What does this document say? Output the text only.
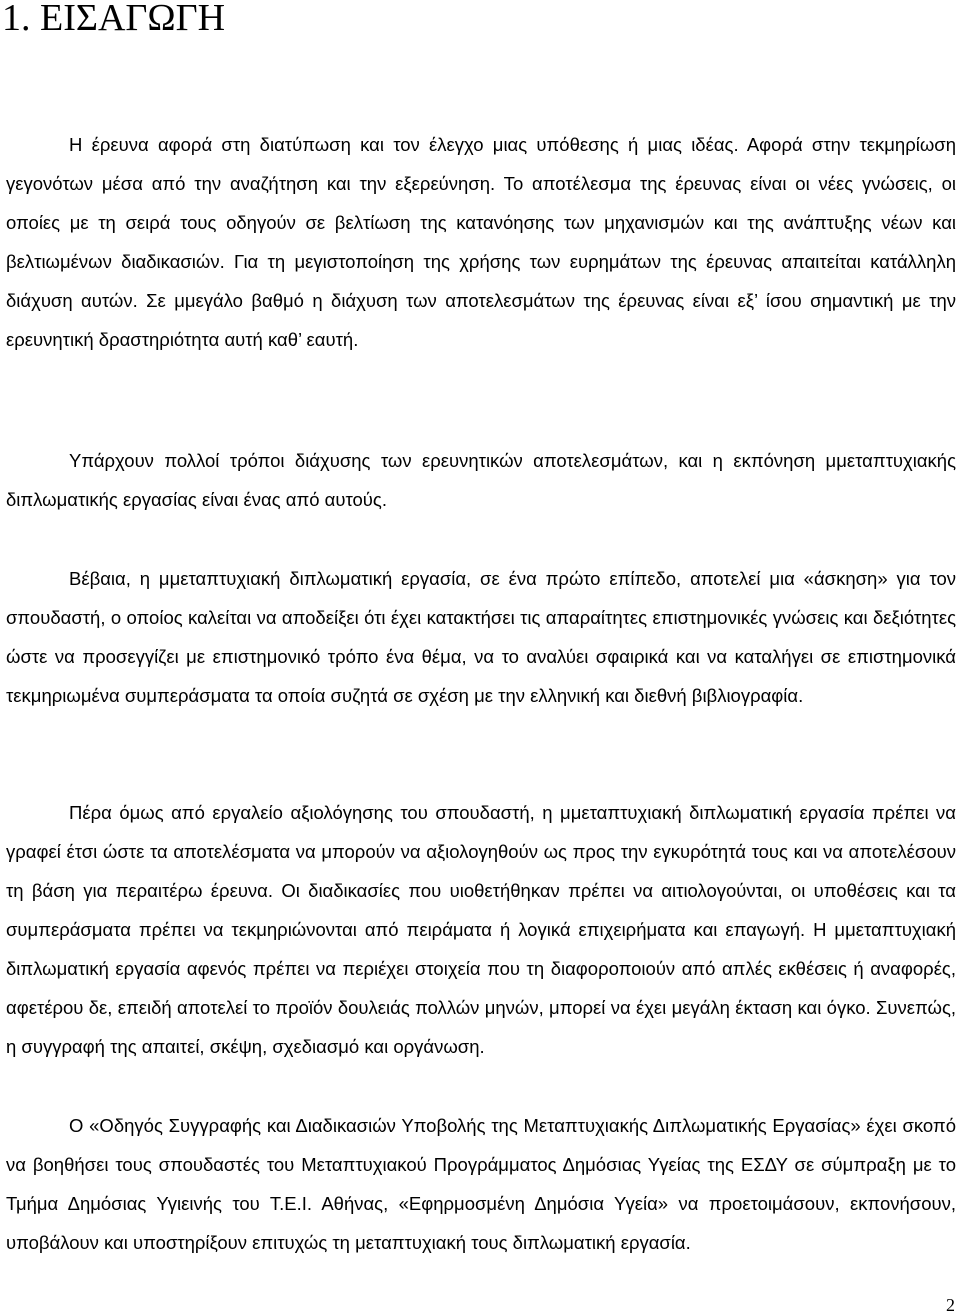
1. ΕΙΣΑΓΩΓΗ

Η έρευνα αφορά στη διατύπωση και τον έλεγχο μιας υπόθεσης ή μιας ιδέας. Αφορά στην τεκμηρίωση γεγονότων μέσα από την αναζήτηση και την εξερεύνηση. Το αποτέλεσμα της έρευνας είναι οι νέες γνώσεις, οι οποίες με τη σειρά τους οδηγούν σε βελτίωση της κατανόησης των μηχανισμών και της ανάπτυξης νέων και βελτιωμένων διαδικασιών. Για τη μεγιστοποίηση της χρήσης των ευρημάτων της έρευνας απαιτείται κατάλληλη διάχυση αυτών. Σε μμεγάλο βαθμό η διάχυση των αποτελεσμάτων της έρευνας είναι εξ’ ίσου σημαντική με την ερευνητική δραστηριότητα αυτή καθ’ εαυτή.

Υπάρχουν πολλοί τρόποι διάχυσης των ερευνητικών αποτελεσμάτων, και η εκπόνηση μμεταπτυχιακής διπλωματικής εργασίας είναι ένας από αυτούς.

Βέβαια, η μμεταπτυχιακή διπλωματική εργασία, σε ένα πρώτο επίπεδο, αποτελεί μια «άσκηση» για τον σπουδαστή, ο οποίος καλείται να αποδείξει ότι έχει κατακτήσει τις απαραίτητες επιστημονικές γνώσεις και δεξιότητες ώστε να προσεγγίζει με επιστημονικό τρόπο ένα θέμα, να το αναλύει σφαιρικά και να καταλήγει σε επιστημονικά τεκμηριωμένα συμπεράσματα τα οποία συζητά σε σχέση με την ελληνική και διεθνή βιβλιογραφία.

Πέρα όμως από εργαλείο αξιολόγησης του σπουδαστή, η μμεταπτυχιακή διπλωματική εργασία πρέπει να γραφεί έτσι ώστε τα αποτελέσματα να μπορούν να αξιολογηθούν ως προς την εγκυρότητά τους και να αποτελέσουν τη βάση για περαιτέρω έρευνα. Οι διαδικασίες που υιοθετήθηκαν πρέπει να αιτιολογούνται, οι υποθέσεις και τα συμπεράσματα πρέπει να τεκμηριώνονται από πειράματα ή λογικά επιχειρήματα και επαγωγή. Η μμεταπτυχιακή διπλωματική εργασία αφενός πρέπει να περιέχει στοιχεία που τη διαφοροποιούν από απλές εκθέσεις ή αναφορές, αφετέρου δε, επειδή αποτελεί το προϊόν δουλειάς πολλών μηνών, μπορεί να έχει μεγάλη έκταση και όγκο. Συνεπώς, η συγγραφή της απαιτεί, σκέψη, σχεδιασμό και οργάνωση.

Ο «Οδηγός Συγγραφής και Διαδικασιών Υποβολής της Μεταπτυχιακής Διπλωματικής Εργασίας» έχει σκοπό να βοηθήσει τους σπουδαστές του Μεταπτυχιακού Προγράμματος Δημόσιας Υγείας της ΕΣΔΥ σε σύμπραξη με το Τμήμα Δημόσιας Υγιεινής του Τ.Ε.Ι. Αθήνας, «Εφηρμοσμένη Δημόσια Υγεία» να προετοιμάσουν, εκπονήσουν, υποβάλουν και υποστηρίξουν επιτυχώς τη μεταπτυχιακή τους διπλωματική εργασία.

2
